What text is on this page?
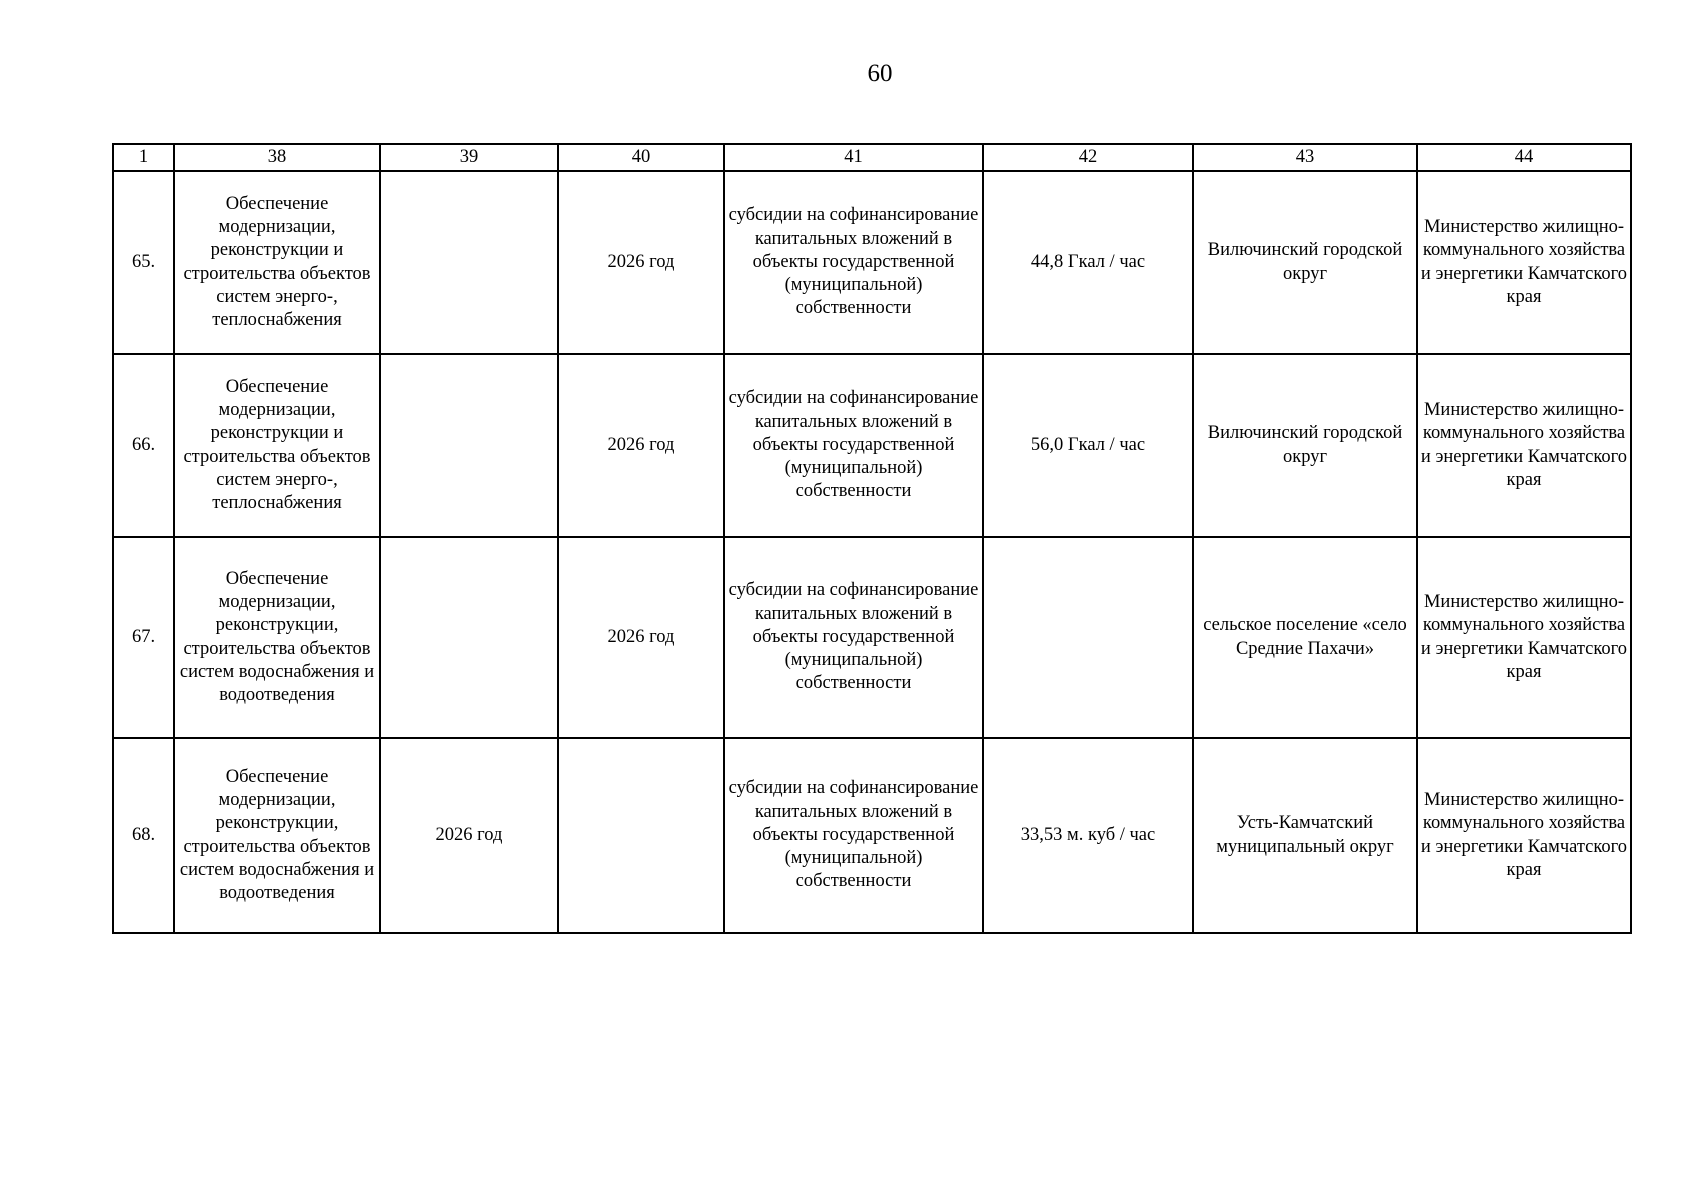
60
1	38	39	40	41	42	43	44
65.	Обеспечение модернизации, реконструкции и строительства объектов систем энерго-, теплоснабжения		2026 год	субсидии на софинансирование капитальных вложений в объекты государственной (муниципальной) собственности	44,8 Гкал / час	Вилючинский городской округ	Министерство жилищно-коммунального хозяйства и энергетики Камчатского края
66.	Обеспечение модернизации, реконструкции и строительства объектов систем энерго-, теплоснабжения		2026 год	субсидии на софинансирование капитальных вложений в объекты государственной (муниципальной) собственности	56,0 Гкал / час	Вилючинский городской округ	Министерство жилищно-коммунального хозяйства и энергетики Камчатского края
67.	Обеспечение модернизации, реконструкции, строительства объектов систем водоснабжения и водоотведения		2026 год	субсидии на софинансирование капитальных вложений в объекты государственной (муниципальной) собственности		сельское поселение «село Средние Пахачи»	Министерство жилищно-коммунального хозяйства и энергетики Камчатского края
68.	Обеспечение модернизации, реконструкции, строительства объектов систем водоснабжения и водоотведения	2026 год		субсидии на софинансирование капитальных вложений в объекты государственной (муниципальной) собственности	33,53 м. куб / час	Усть-Камчатский муниципальный округ	Министерство жилищно-коммунального хозяйства и энергетики Камчатского края
